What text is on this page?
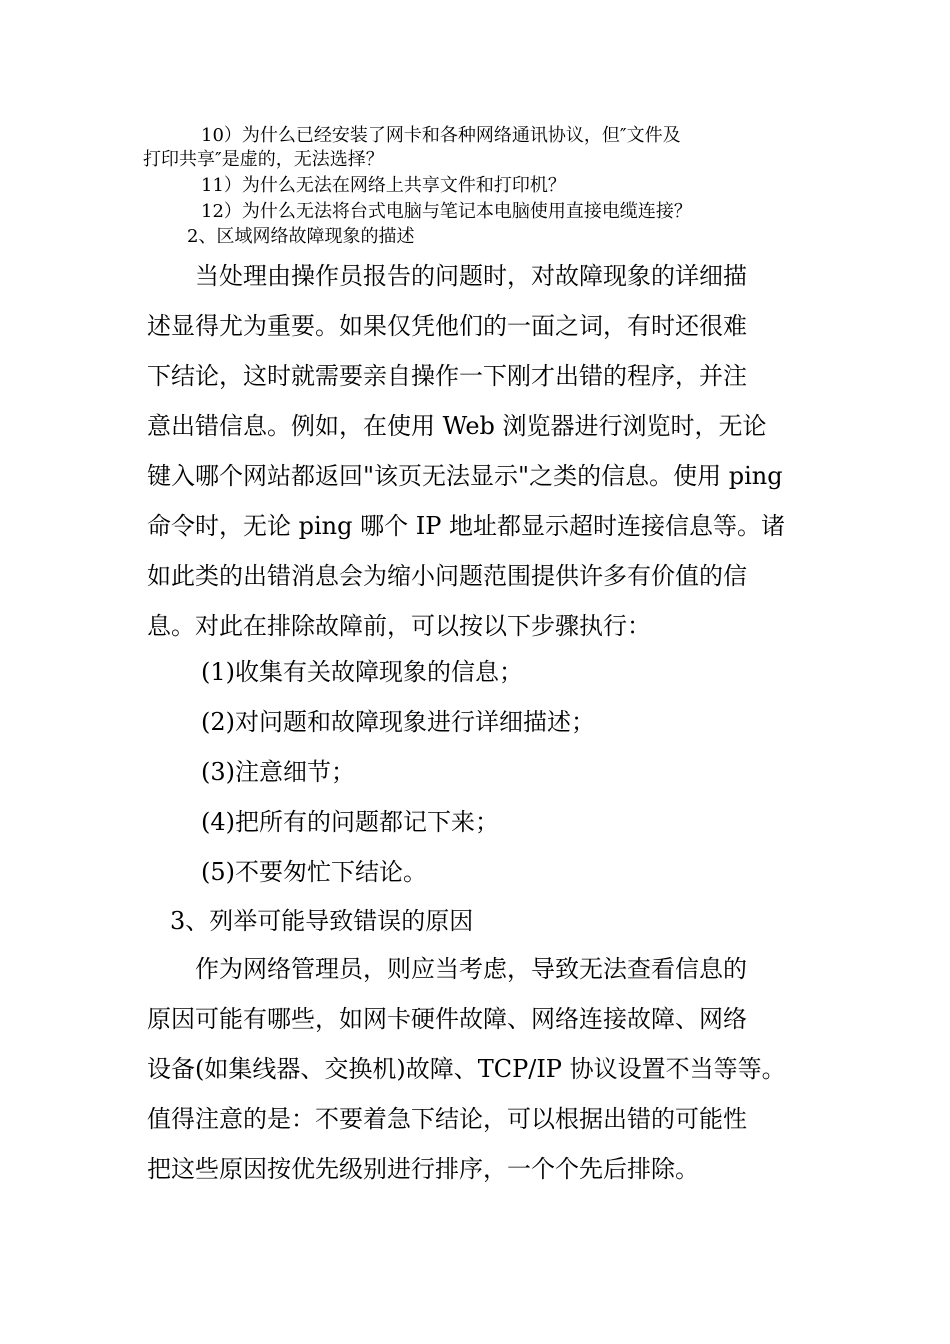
10）为什么已经安装了网卡和各种网络通讯协议，但″文件及
打印共享″是虚的，无法选择？
11）为什么无法在网络上共享文件和打印机？
12）为什么无法将台式电脑与笔记本电脑使用直接电缆连接？
2、区域网络故障现象的描述
当处理由操作员报告的问题时，对故障现象的详细描
述显得尤为重要。如果仅凭他们的一面之词，有时还很难
下结论，这时就需要亲自操作一下刚才出错的程序，并注
意出错信息。例如，在使用 Web 浏览器进行浏览时，无论
键入哪个网站都返回"该页无法显示"之类的信息。使用 ping
命令时，无论 ping 哪个 IP 地址都显示超时连接信息等。诸
如此类的出错消息会为缩小问题范围提供许多有价值的信
息。对此在排除故障前，可以按以下步骤执行：
(1)收集有关故障现象的信息；
(2)对问题和故障现象进行详细描述；
(3)注意细节；
(4)把所有的问题都记下来；
(5)不要匆忙下结论。
3、列举可能导致错误的原因
作为网络管理员，则应当考虑，导致无法查看信息的
原因可能有哪些，如网卡硬件故障、网络连接故障、网络
设备(如集线器、交换机)故障、TCP/IP 协议设置不当等等。
值得注意的是：不要着急下结论，可以根据出错的可能性
把这些原因按优先级别进行排序，一个个先后排除。
